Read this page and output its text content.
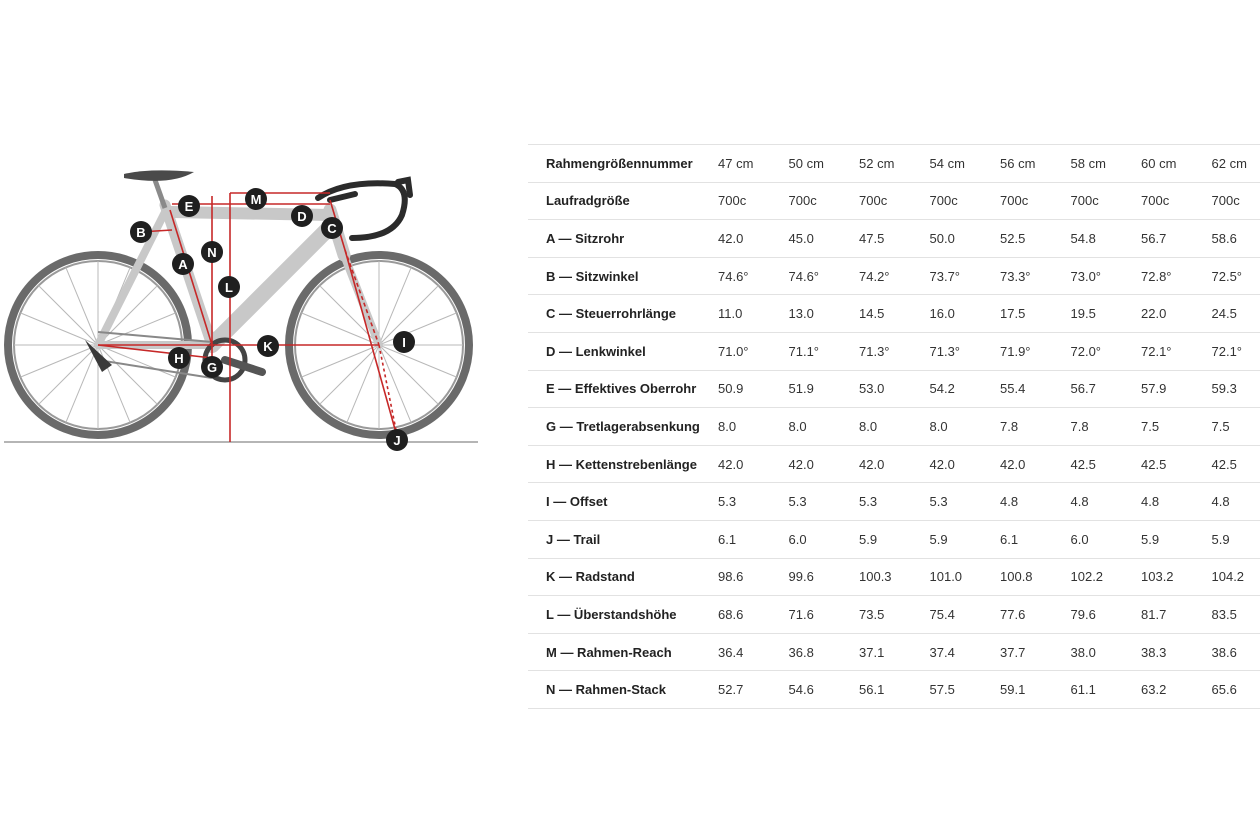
A
B	C
D
E
G
H
I
J
K
L
M
N
Rahmengrößennummer	47 cm	50 cm	52 cm	54 cm	56 cm	58 cm	60 cm	62 cm
Laufradgröße	700c	700c	700c	700c	700c	700c	700c	700c
A — Sitzrohr	42.0	45.0	47.5	50.0	52.5	54.8	56.7	58.6
B — Sitzwinkel	74.6°	74.6°	74.2°	73.7°	73.3°	73.0°	72.8°	72.5°
C — Steuerrohrlänge	11.0	13.0	14.5	16.0	17.5	19.5	22.0	24.5
D — Lenkwinkel	71.0°	71.1°	71.3°	71.3°	71.9°	72.0°	72.1°	72.1°
E — Effektives Oberrohr	50.9	51.9	53.0	54.2	55.4	56.7	57.9	59.3
G — Tretlagerabsenkung	8.0	8.0	8.0	8.0	7.8	7.8	7.5	7.5
H — Kettenstrebenlänge	42.0	42.0	42.0	42.0	42.0	42.5	42.5	42.5
I — Offset	5.3	5.3	5.3	5.3	4.8	4.8	4.8	4.8
J — Trail	6.1	6.0	5.9	5.9	6.1	6.0	5.9	5.9
K — Radstand	98.6	99.6	100.3	101.0	100.8	102.2	103.2	104.2
L — Überstandshöhe	68.6	71.6	73.5	75.4	77.6	79.6	81.7	83.5
M — Rahmen-Reach	36.4	36.8	37.1	37.4	37.7	38.0	38.3	38.6
N — Rahmen-Stack	52.7	54.6	56.1	57.5	59.1	61.1	63.2	65.6
